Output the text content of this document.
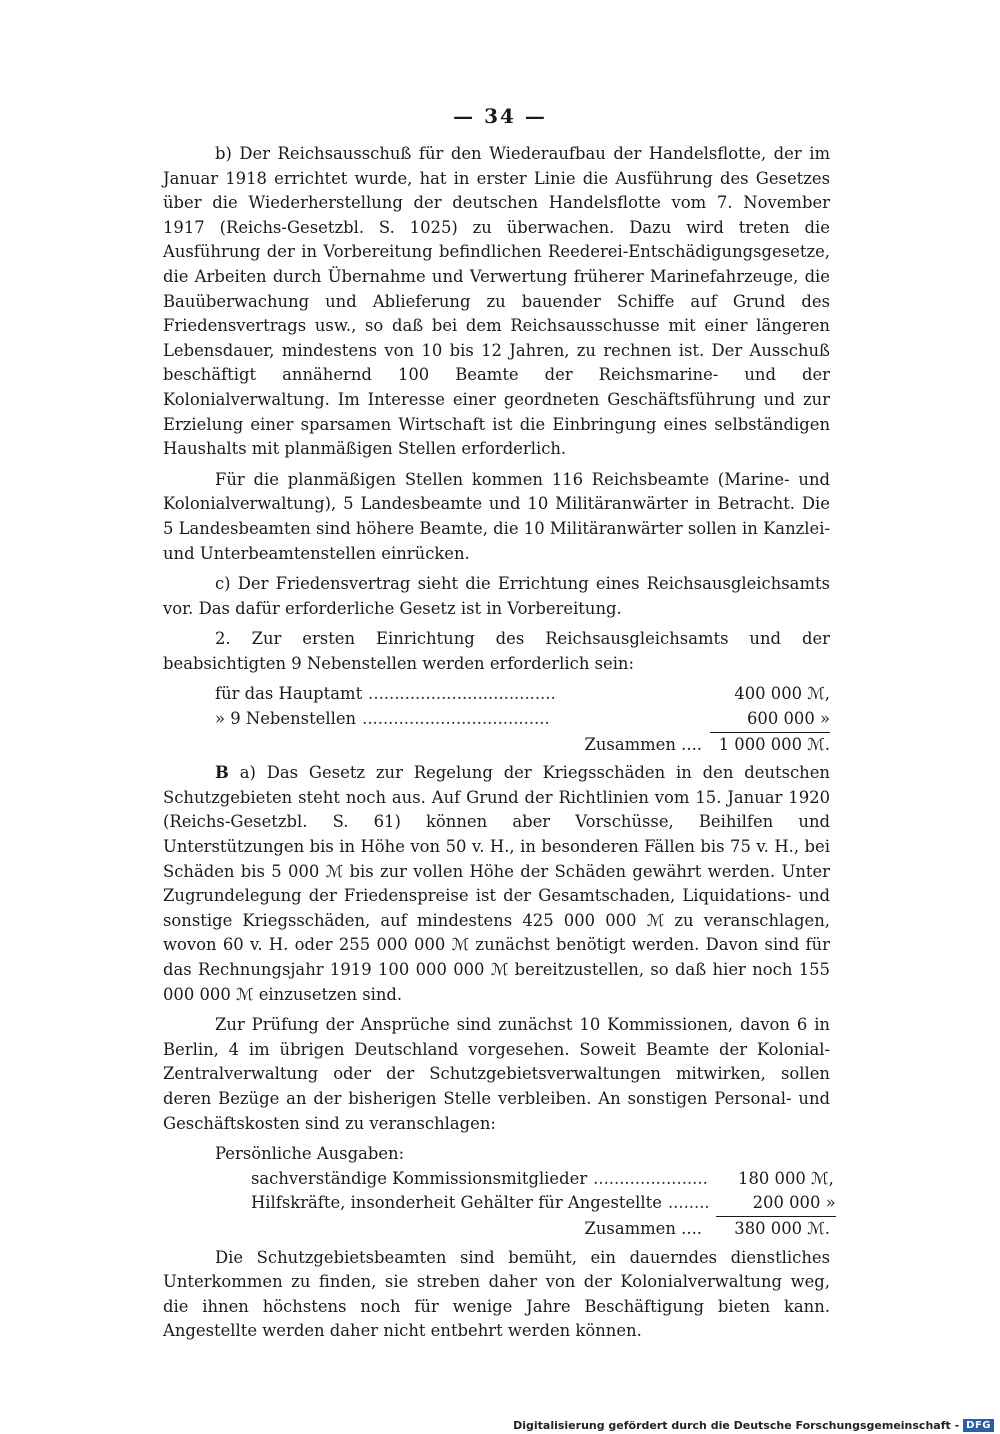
— 34 —

b) Der Reichsausschuß für den Wiederaufbau der Handelsflotte, der im Januar 1918 errichtet wurde, hat in erster Linie die Ausführung des Gesetzes über die Wiederherstellung der deutschen Handelsflotte vom 7. November 1917 (Reichs-Gesetzbl. S. 1025) zu überwachen. Dazu wird treten die Ausführung der in Vorbereitung befindlichen Reederei-Entschädigungsgesetze, die Arbeiten durch Übernahme und Verwertung früherer Marinefahrzeuge, die Bauüberwachung und Ablieferung zu bauender Schiffe auf Grund des Friedensvertrags usw., so daß bei dem Reichsausschusse mit einer längeren Lebensdauer, mindestens von 10 bis 12 Jahren, zu rechnen ist. Der Ausschuß beschäftigt annähernd 100 Beamte der Reichsmarine- und der Kolonialverwaltung. Im Interesse einer geordneten Geschäftsführung und zur Erzielung einer sparsamen Wirtschaft ist die Einbringung eines selbständigen Haushalts mit planmäßigen Stellen erforderlich.

Für die planmäßigen Stellen kommen 116 Reichsbeamte (Marine- und Kolonialverwaltung), 5 Landesbeamte und 10 Militäranwärter in Betracht. Die 5 Landesbeamten sind höhere Beamte, die 10 Militäranwärter sollen in Kanzlei- und Unterbeamtenstellen einrücken.

c) Der Friedensvertrag sieht die Errichtung eines Reichsausgleichsamts vor. Das dafür erforderliche Gesetz ist in Vorbereitung.

2. Zur ersten Einrichtung des Reichsausgleichsamts und der beabsichtigten 9 Nebenstellen werden erforderlich sein:

für das Hauptamt ....................................	400 000 ℳ,
» 9 Nebenstellen ....................................	600 000 »
Zusammen ....	1 000 000 ℳ.

B a) Das Gesetz zur Regelung der Kriegsschäden in den deutschen Schutzgebieten steht noch aus. Auf Grund der Richtlinien vom 15. Januar 1920 (Reichs-Gesetzbl. S. 61) können aber Vorschüsse, Beihilfen und Unterstützungen bis in Höhe von 50 v. H., in besonderen Fällen bis 75 v. H., bei Schäden bis 5 000 ℳ bis zur vollen Höhe der Schäden gewährt werden. Unter Zugrundelegung der Friedenspreise ist der Gesamtschaden, Liquidations- und sonstige Kriegsschäden, auf mindestens 425 000 000 ℳ zu veranschlagen, wovon 60 v. H. oder 255 000 000 ℳ zunächst benötigt werden. Davon sind für das Rechnungsjahr 1919 100 000 000 ℳ bereitzustellen, so daß hier noch 155 000 000 ℳ einzusetzen sind.

Zur Prüfung der Ansprüche sind zunächst 10 Kommissionen, davon 6 in Berlin, 4 im übrigen Deutschland vorgesehen. Soweit Beamte der Kolonial-Zentralverwaltung oder der Schutzgebietsverwaltungen mitwirken, sollen deren Bezüge an der bisherigen Stelle verbleiben. An sonstigen Personal- und Geschäftskosten sind zu veranschlagen:

Persönliche Ausgaben:
sachverständige Kommissionsmitglieder ......................	180 000 ℳ,
Hilfskräfte, insonderheit Gehälter für Angestellte ........	200 000 »
Zusammen ....	380 000 ℳ.

Die Schutzgebietsbeamten sind bemüht, ein dauerndes dienstliches Unterkommen zu finden, sie streben daher von der Kolonialverwaltung weg, die ihnen höchstens noch für wenige Jahre Beschäftigung bieten kann. Angestellte werden daher nicht entbehrt werden können.

Digitalisierung gefördert durch die Deutsche Forschungsgemeinschaft - DFG
